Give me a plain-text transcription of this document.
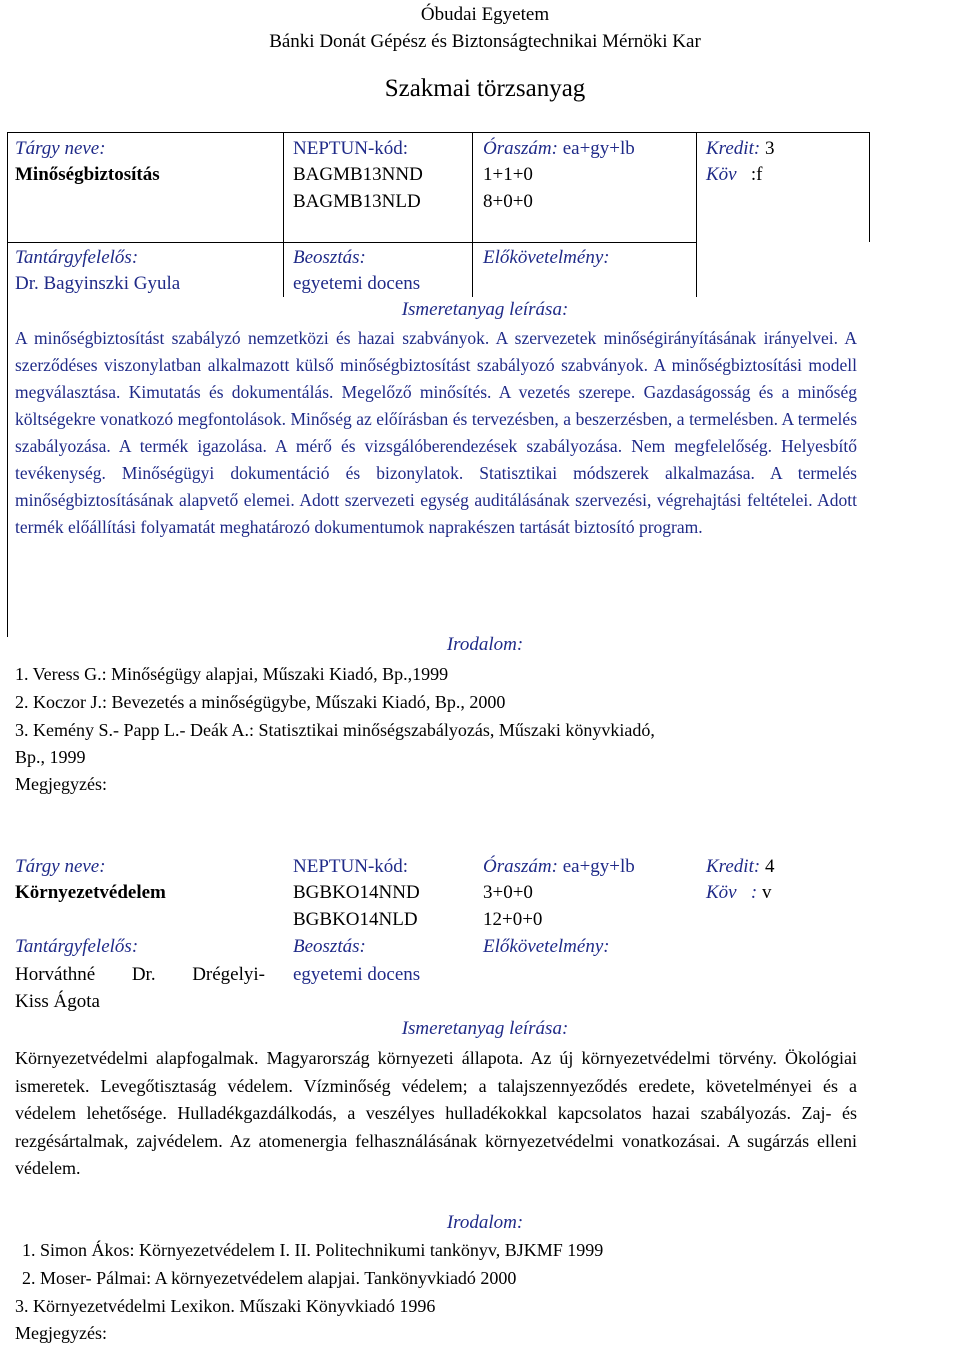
Óbudai Egyetem
Bánki Donát Gépész és Biztonságtechnikai Mérnöki Kar
Szakmai törzsanyag
Tárgy neve:
Minőségbiztosítás
NEPTUN-kód:
BAGMB13NND
BAGMB13NLD
Óraszám: ea+gy+lb
1+1+0
8+0+0
Kredit: 3
Köv :f
Tantárgyfelelős:
Dr. Bagyinszki Gyula
Beosztás:
egyetemi docens
Előkövetelmény:
Ismeretanyag leírása:
A minőségbiztosítást szabályzó nemzetközi és hazai szabványok. A szervezetek minőségirányításának irányelvei. A szerződéses viszonylatban alkalmazott külső minőségbiztosítást szabályozó szabványok. A minőségbiztosítási modell megválasztása. Kimutatás és dokumentálás. Megelőző minősítés. A vezetés szerepe. Gazdaságosság és a minőség költségekre vonatkozó megfontolások. Minőség az előírásban és tervezésben, a beszerzésben, a termelésben. A termelés szabályozása. A termék igazolása. A mérő és vizsgálóberendezések szabályozása. Nem megfelelőség. Helyesbítő tevékenység. Minőségügyi dokumentáció és bizonylatok. Statisztikai módszerek alkalmazása. A termelés minőségbiztosításának alapvető elemei. Adott szervezeti egység auditálásának szervezési, végrehajtási feltételei. Adott termék előállítási folyamatát meghatározó dokumentumok naprakészen tartását biztosító program.
Irodalom:
1. Veress G.: Minőségügy alapjai, Műszaki Kiadó, Bp.,1999
2. Koczor J.: Bevezetés a minőségügybe, Műszaki Kiadó, Bp., 2000
3. Kemény S.- Papp L.- Deák A.: Statisztikai minőségszabályozás, Műszaki könyvkiadó,
Bp., 1999
Megjegyzés:
Tárgy neve:
Környezetvédelem
NEPTUN-kód:
BGBKO14NND
BGBKO14NLD
Óraszám: ea+gy+lb
3+0+0
12+0+0
Kredit: 4
Köv : v
Tantárgyfelelős:
Horváthné Dr. Drégelyi-
Kiss Ágota
Beosztás:
egyetemi docens
Előkövetelmény:
Ismeretanyag leírása:
Környezetvédelmi alapfogalmak. Magyarország környezeti állapota. Az új környezetvédelmi törvény. Ökológiai ismeretek. Levegőtisztaság védelem. Vízminőség védelem; a talajszennyeződés eredete, követelményei és a védelem lehetősége. Hulladékgazdálkodás, a veszélyes hulladékokkal kapcsolatos hazai szabályozás. Zaj- és rezgésártalmak, zajvédelem. Az atomenergia felhasználásának környezetvédelmi vonatkozásai. A sugárzás elleni védelem.
Irodalom:
1. Simon Ákos: Környezetvédelem I. II. Politechnikumi tankönyv, BJKMF 1999
2. Moser- Pálmai: A környezetvédelem alapjai. Tankönyvkiadó 2000
3. Környezetvédelmi Lexikon. Műszaki Könyvkiadó 1996
Megjegyzés:
